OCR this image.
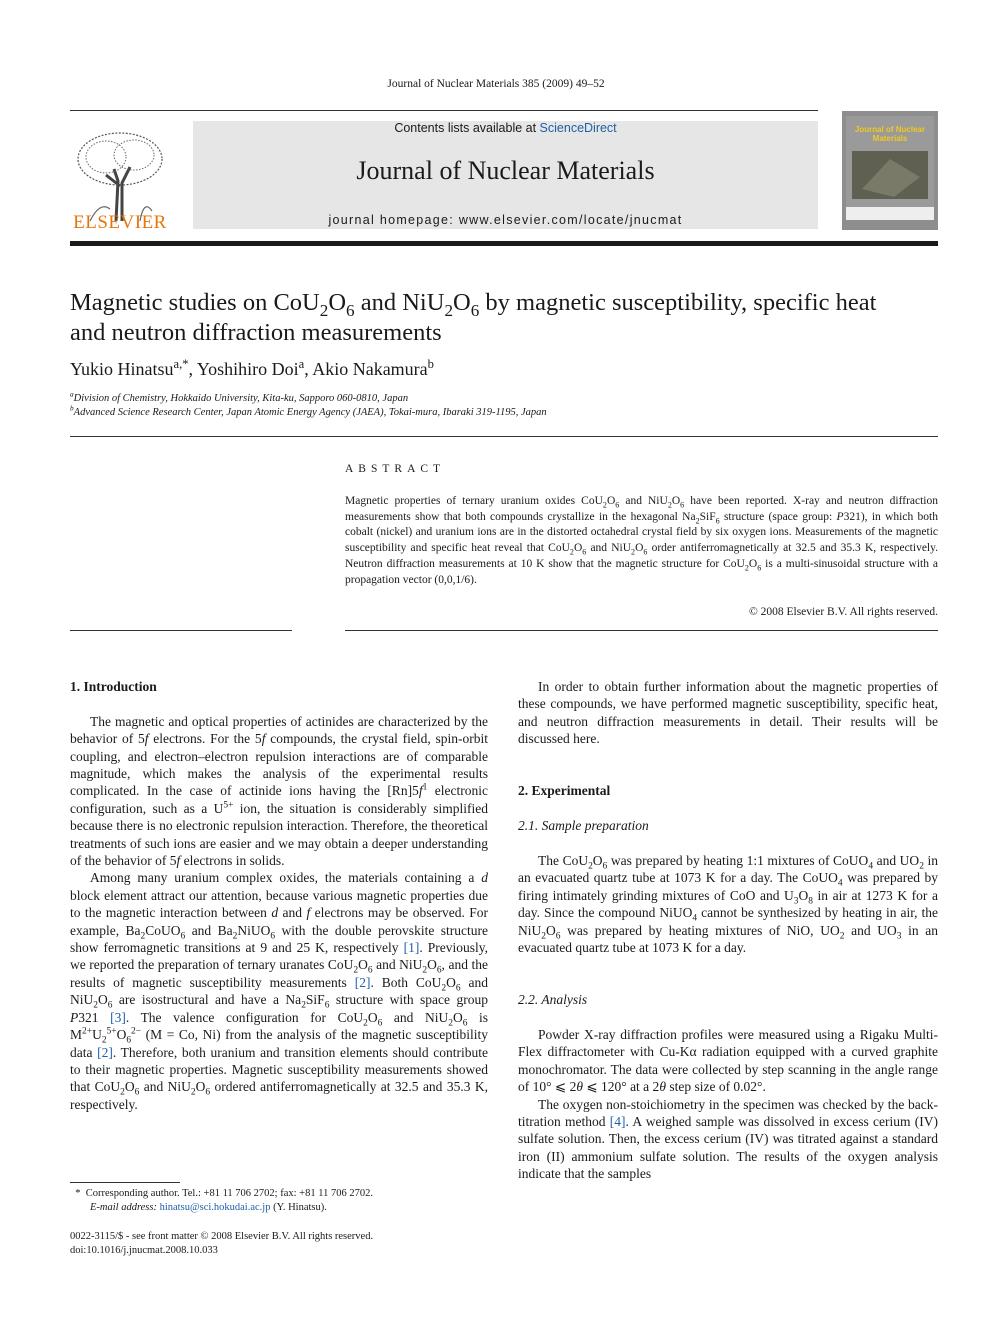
Journal of Nuclear Materials 385 (2009) 49–52
ELSEVIER
Contents lists available at ScienceDirect
Journal of Nuclear Materials
journal homepage: www.elsevier.com/locate/jnucmat
Journal of Nuclear Materials
Magnetic studies on $CoU_2O_6$ and $NiU_2O_6$ by magnetic susceptibility, specific heat
and neutron diffraction measurements
Yukio Hinatsu$^{a,*}$, Yoshihiro Doi$^a$, Akio Nakamura$^b$
$^a$Division of Chemistry, Hokkaido University, Kita-ku, Sapporo 060-0810, Japan
$^b$Advanced Science Research Center, Japan Atomic Energy Agency (JAEA), Tokai-mura, Ibaraki 319-1195, Japan
ABSTRACT
Magnetic properties of ternary uranium oxides $CoU_2O_6$ and $NiU_2O_6$ have been reported. X-ray and neutron diffraction measurements show that both compounds crystallize in the hexagonal $Na_2SiF_6$ structure (space group: P321), in which both cobalt (nickel) and uranium ions are in the distorted octahedral crystal field by six oxygen ions. Measurements of the magnetic susceptibility and specific heat reveal that $CoU_2O_6$ and $NiU_2O_6$ order antiferromagnetically at 32.5 and 35.3 K, respectively. Neutron diffraction measurements at 10 K show that the magnetic structure for $CoU_2O_6$ is a multi-sinusoidal structure with a propagation vector (0,0,1/6).
© 2008 Elsevier B.V. All rights reserved.

1. Introduction

The magnetic and optical properties of actinides are characterized by the behavior of 5f electrons. For the 5f compounds, the crystal field, spin-orbit coupling, and electron–electron repulsion interactions are of comparable magnitude, which makes the analysis of the experimental results complicated. In the case of actinide ions having the $[Rn]5f^1$ electronic configuration, such as a $U^{5+}$ ion, the situation is considerably simplified because there is no electronic repulsion interaction. Therefore, the theoretical treatments of such ions are easier and we may obtain a deeper understanding of the behavior of 5f electrons in solids.

Among many uranium complex oxides, the materials containing a d block element attract our attention, because various magnetic properties due to the magnetic interaction between d and f electrons may be observed. For example, $Ba_2CoUO_6$ and $Ba_2NiUO_6$ with the double perovskite structure show ferromagnetic transitions at 9 and 25 K, respectively [1]. Previously, we reported the preparation of ternary uranates $CoU_2O_6$ and $NiU_2O_6$, and the results of magnetic susceptibility measurements [2]. Both $CoU_2O_6$ and $NiU_2O_6$ are isostructural and have a $Na_2SiF_6$ structure with space group P321 [3]. The valence configuration for $CoU_2O_6$ and $NiU_2O_6$ is $M^{2+}U_2^{5+}O_6^{2-}$ (M = Co, Ni) from the analysis of the magnetic susceptibility data [2]. Therefore, both uranium and transition elements should contribute to their magnetic properties. Magnetic susceptibility measurements showed that $CoU_2O_6$ and $NiU_2O_6$ ordered antiferromagnetically at 32.5 and 35.3 K, respectively.

In order to obtain further information about the magnetic properties of these compounds, we have performed magnetic susceptibility, specific heat, and neutron diffraction measurements in detail. Their results will be discussed here.

2. Experimental

2.1. Sample preparation

The $CoU_2O_6$ was prepared by heating 1:1 mixtures of CoUO$_4$ and $UO_2$ in an evacuated quartz tube at 1073 K for a day. The CoUO$_4$ was prepared by firing intimately grinding mixtures of CoO and $U_3O_8$ in air at 1273 K for a day. Since the compound NiUO$_4$ cannot be synthesized by heating in air, the $NiU_2O_6$ was prepared by heating mixtures of NiO, $UO_2$ and $UO_3$ in an evacuated quartz tube at 1073 K for a day.

2.2. Analysis

Powder X-ray diffraction profiles were measured using a Rigaku Multi-Flex diffractometer with Cu-Kα radiation equipped with a curved graphite monochromator. The data were collected by step scanning in the angle range of 10° ⩽ 2θ ⩽ 120° at a 2θ step size of 0.02°.

The oxygen non-stoichiometry in the specimen was checked by the back-titration method [4]. A weighed sample was dissolved in excess cerium (IV) sulfate solution. Then, the excess cerium (IV) was titrated against a standard iron (II) ammonium sulfate solution. The results of the oxygen analysis indicate that the samples

*  Corresponding author. Tel.: +81 11 706 2702; fax: +81 11 706 2702.
E-mail address: hinatsu@sci.hokudai.ac.jp (Y. Hinatsu).
0022-3115/$ - see front matter © 2008 Elsevier B.V. All rights reserved.
doi:10.1016/j.jnucmat.2008.10.033
